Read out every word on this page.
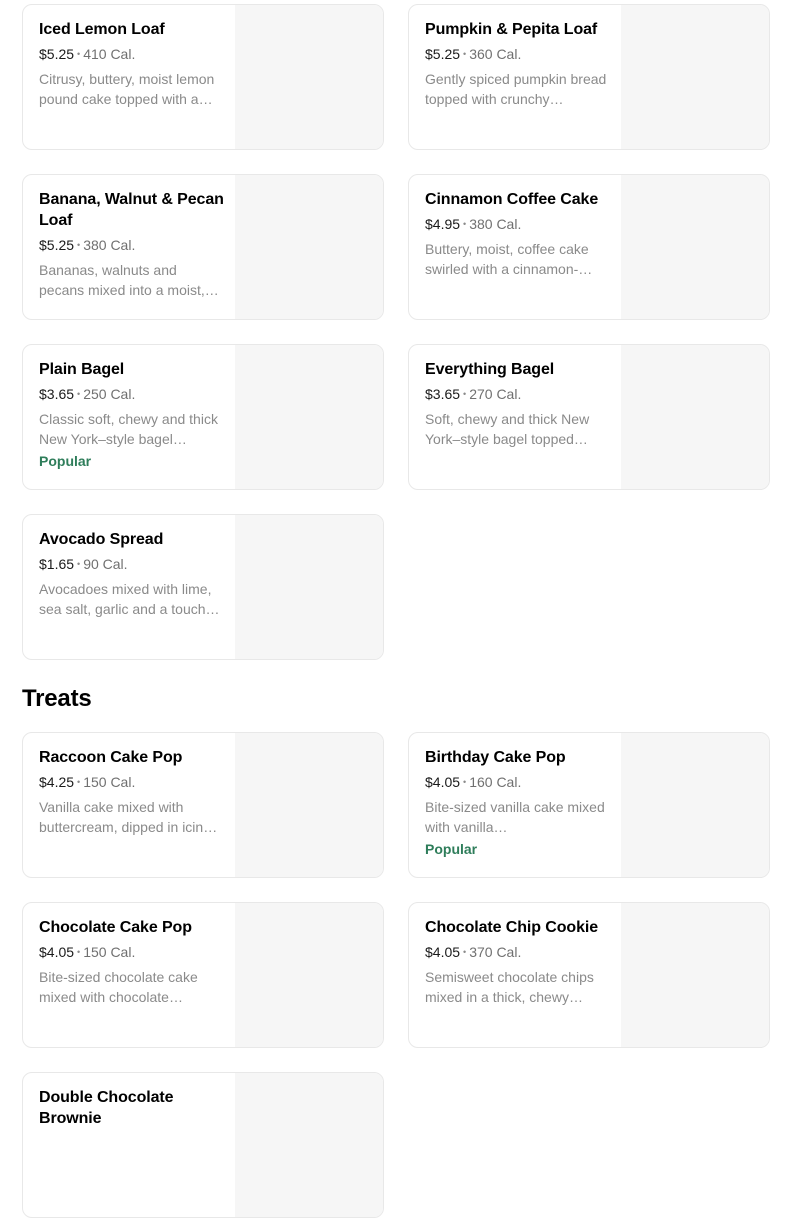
Iced Lemon Loaf

$5.25 • 410 Cal.

Citrusy, buttery, moist lemon pound cake topped with a…

Pumpkin & Pepita Loaf

$5.25 • 360 Cal.

Gently spiced pumpkin bread topped with crunchy…

Banana, Walnut & Pecan Loaf

$5.25 • 380 Cal.

Bananas, walnuts and pecans mixed into a moist,…

Cinnamon Coffee Cake

$4.95 • 380 Cal.

Buttery, moist, coffee cake swirled with a cinnamon-…

Plain Bagel

$3.65 • 250 Cal.

Classic soft, chewy and thick New York–style bagel…

Popular
Everything Bagel

$3.65 • 270 Cal.

Soft, chewy and thick New York–style bagel topped…

Avocado Spread

$1.65 • 90 Cal.

Avocadoes mixed with lime, sea salt, garlic and a touch…

Treats
Raccoon Cake Pop

$4.25 • 150 Cal.

Vanilla cake mixed with buttercream, dipped in icin…

Birthday Cake Pop

$4.05 • 160 Cal.

Bite-sized vanilla cake mixed with vanilla…

Popular
Chocolate Cake Pop

$4.05 • 150 Cal.

Bite-sized chocolate cake mixed with chocolate…

Chocolate Chip Cookie

$4.05 • 370 Cal.

Semisweet chocolate chips mixed in a thick, chewy…

Double Chocolate Brownie
